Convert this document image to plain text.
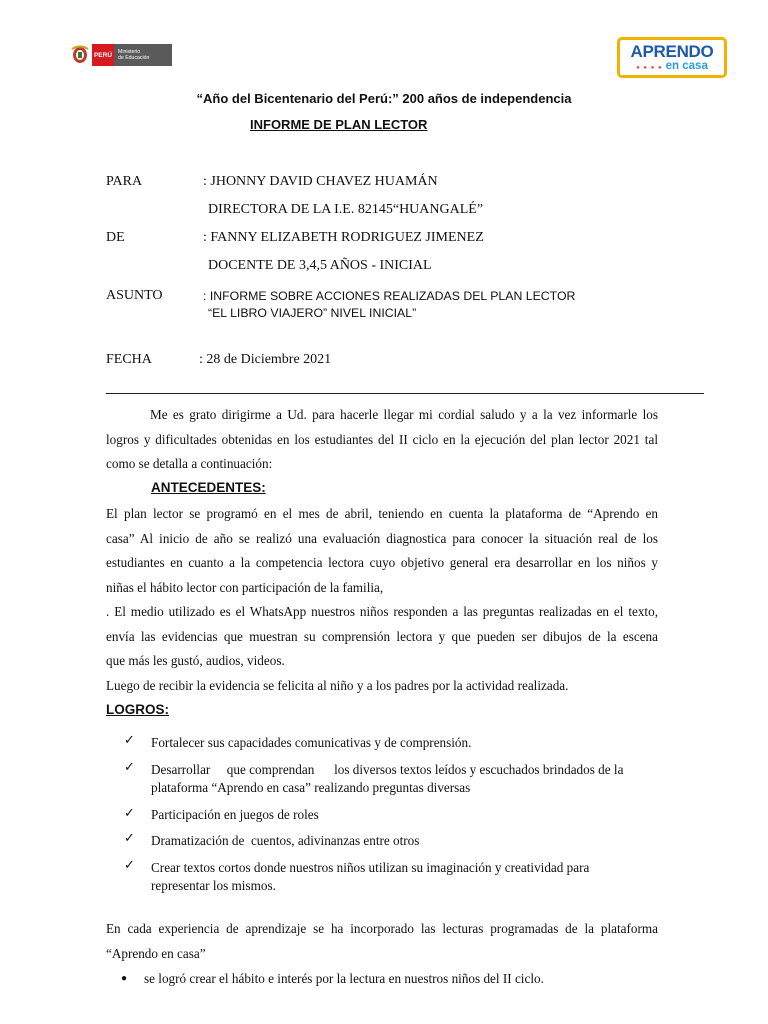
PERÚ	Ministerio
de Educación	APRENDO
● ● ● ● en casa
“Año del Bicentenario del Perú:” 200 años de independencia
INFORME DE PLAN LECTOR
PARA	: JHONNY DAVID CHAVEZ HUAMÁN
DIRECTORA DE LA I.E. 82145“HUANGALÉ”
DE	: FANNY ELIZABETH RODRIGUEZ JIMENEZ
DOCENTE DE 3,4,5 AÑOS - INICIAL
ASUNTO	: INFORME SOBRE ACCIONES REALIZADAS DEL PLAN LECTOR
“EL LIBRO VIAJERO” NIVEL INICIAL”
FECHA	: 28 de Diciembre 2021
Me es grato dirigirme a Ud. para hacerle llegar mi cordial saludo y a la vez informarle los
logros y dificultades obtenidas en los estudiantes del II ciclo en la ejecución del plan lector 2021 tal
como se detalla a continuación:
ANTECEDENTES:
El plan lector se programó en el mes de abril, teniendo en cuenta la plataforma de “Aprendo en
casa” Al inicio de año se realizó una evaluación diagnostica para conocer la situación real de los
estudiantes en cuanto a la competencia lectora cuyo objetivo general era desarrollar en los niños y
niñas el hábito lector con participación de la familia,
. El medio utilizado es el WhatsApp nuestros niños responden a las preguntas realizadas en el texto,
envía las evidencias que muestran su comprensión lectora y que pueden ser dibujos de la escena
que más les gustó, audios, videos.
Luego de recibir la evidencia se felicita al niño y a los padres por la actividad realizada.
LOGROS:
✓ Fortalecer sus capacidades comunicativas y de comprensión.
✓ Desarrollar     que comprendan      los diversos textos leídos y escuchados brindados de la
plataforma “Aprendo en casa” realizando preguntas diversas
✓ Participación en juegos de roles
✓ Dramatización de  cuentos, adivinanzas entre otros
✓ Crear textos cortos donde nuestros niños utilizan su imaginación y creatividad para
representar los mismos.
En cada experiencia de aprendizaje se ha incorporado las lecturas programadas de la plataforma
“Aprendo en casa”
● se logró crear el hábito e interés por la lectura en nuestros niños del II ciclo.
